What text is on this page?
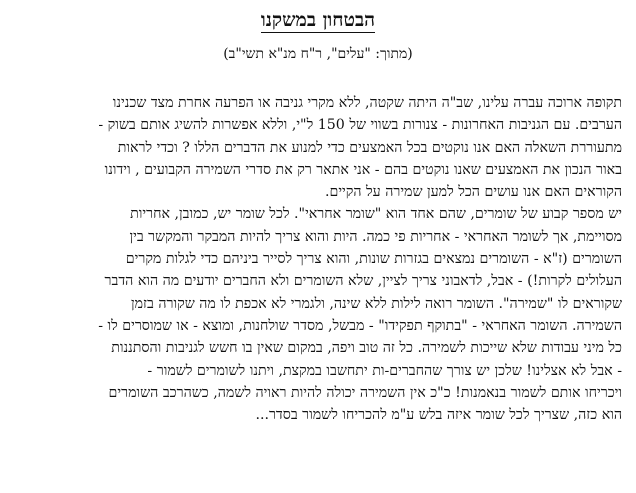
הבטחון במשקנו
(מתוך: "עלים", ר"ח מנ"א תשי"ב)
תקופה ארוכה עברה עלינו, שב"ה היתה שקטה, ללא מקרי גניבה או הפרעה אחרת מצד שכנינו
הערבים. עם הגניבות האחרונות - צנורות בשווי של 150 ל"י, וללא אפשרות להשיג אותם בשוק -
מתעוררת השאלה האם אנו נוקטים בכל האמצעים כדי למנוע את הדברים הללו ? וכדי לראות
באור הנכון את האמצעים שאנו נוקטים בהם - אני אתאר רק את סדרי השמירה הקבועים , וידונו
הקוראים האם אנו עושים הכל למען שמירה על הקיים.
יש מספר קבוע של שומרים, שהם אחד הוא "שומר אחראי". לכל שומר יש, כמובן, אחריות
מסויימת, אך לשומר האחראי - אחריות פי כמה. היות והוא צריך להיות המבקר והמקשר בין
השומרים (ז"א - השומרים נמצאים בגזרות שונות, והוא צריך לסייר ביניהם כדי לגלות מקרים
העלולים לקרות!) - אבל, לדאבוני צריך לציין, שלא השומרים ולא החברים יודעים מה הוא הדבר
שקוראים לו "שמירה". השומר רואה לילות ללא שינה, ולגמרי לא אכפת לו מה שקורה בזמן
השמירה. השומר האחראי - "בתוקף תפקידו" - מבשל, מסדר שולחנות, ומוצא - או שמוסרים לו -
כל מיני עבודות שלא שייכות לשמירה. כל זה טוב ויפה, במקום שאין בו חשש לגניבות והסתננות
- אבל לא אצלינו! שלכן יש צורך שהחברים-ות יתחשבו במקצת, ויתנו לשומרים לשמור -
ויכריחו אותם לשמור בנאמנות! כ"כ אין השמירה יכולה להיות ראויה לשמה, כשהרכב השומרים
הוא כזה, שצריך לכל שומר איזה בלש ע"מ להכריחו לשמור בסדר...
